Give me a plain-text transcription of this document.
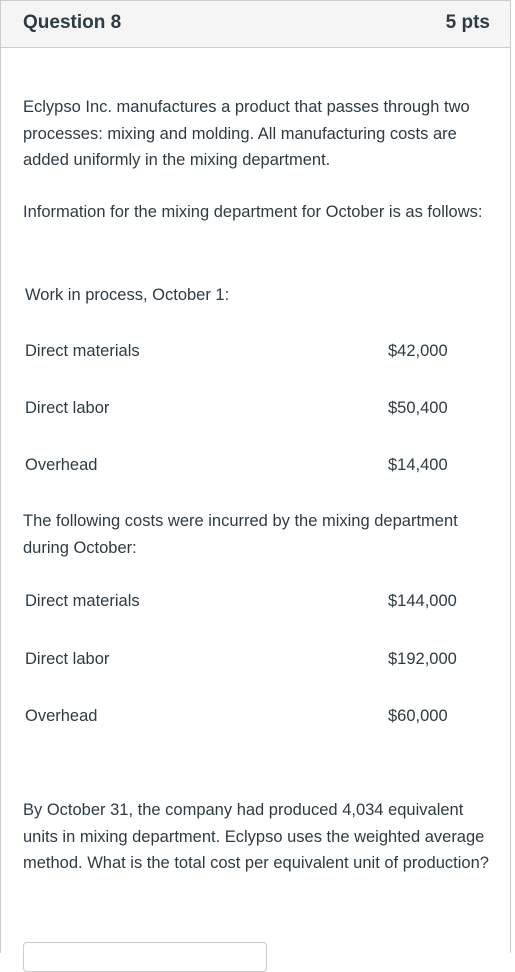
Question 8	5 pts
Eclypso Inc. manufactures a product that passes through two processes: mixing and molding. All manufacturing costs are added uniformly in the mixing department.
Information for the mixing department for October is as follows:
Work in process, October 1:
Direct materials	$42,000
Direct labor	$50,400
Overhead	$14,400
The following costs were incurred by the mixing department during October:
Direct materials	$144,000
Direct labor	$192,000
Overhead	$60,000
By October 31, the company had produced 4,034 equivalent units in mixing department. Eclypso uses the weighted average method. What is the total cost per equivalent unit of production?
